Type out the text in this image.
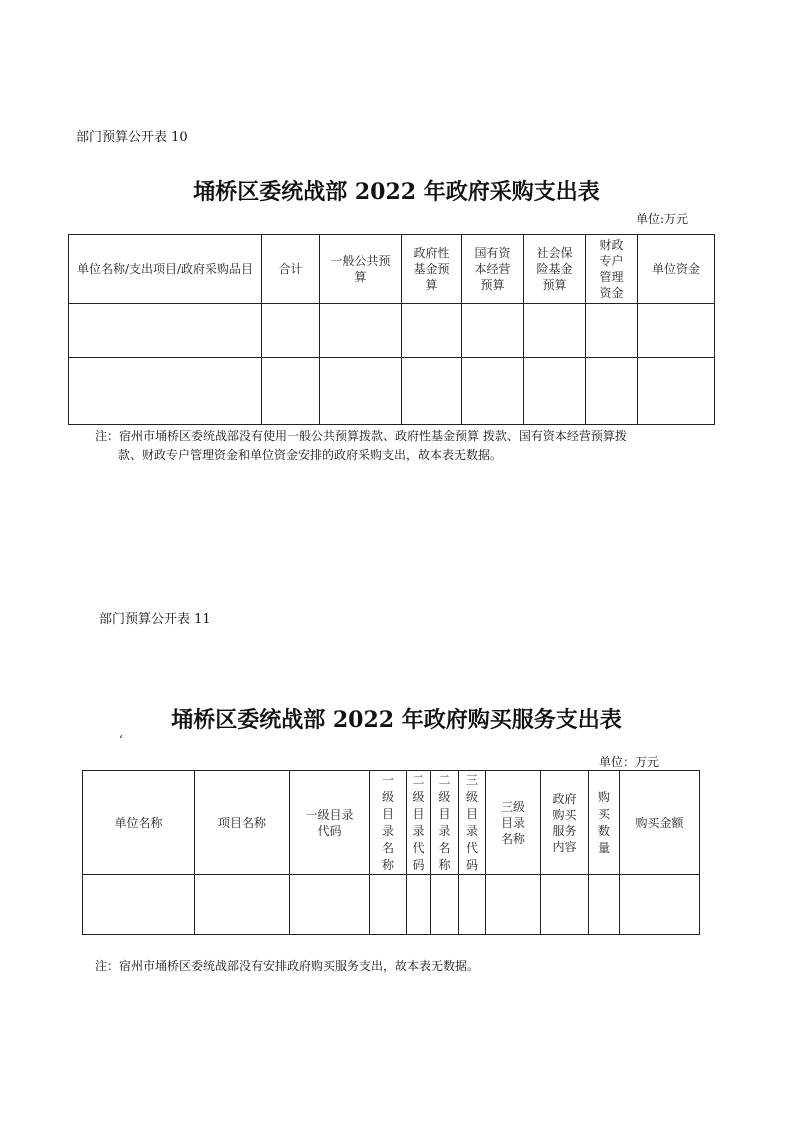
部门预算公开表 10
埇桥区委统战部 2022 年政府采购支出表
单位:万元
单位名称/支出项目/政府采购品目	合计	一般公共预算	政府性基金预算	国有资本经营预算	社会保险基金预算	财政专户管理资金	单位资金

注：宿州市埇桥区委统战部没有使用一般公共预算拨款、政府性基金预算 拨款、国有资本经营预算拨
款、财政专户管理资金和单位资金安排的政府采购支出，故本表无数据。
部门预算公开表 11
埇桥区委统战部 2022 年政府购买服务支出表
‘
单位：万元
单位名称	项目名称	一级目录代码	一级目录名称	二级目录代码	二级目录名称	三级目录代码	三级目录名称	政府购买服务内容	购买数量	购买金额

注：宿州市埇桥区委统战部没有安排政府购买服务支出，故本表无数据。
